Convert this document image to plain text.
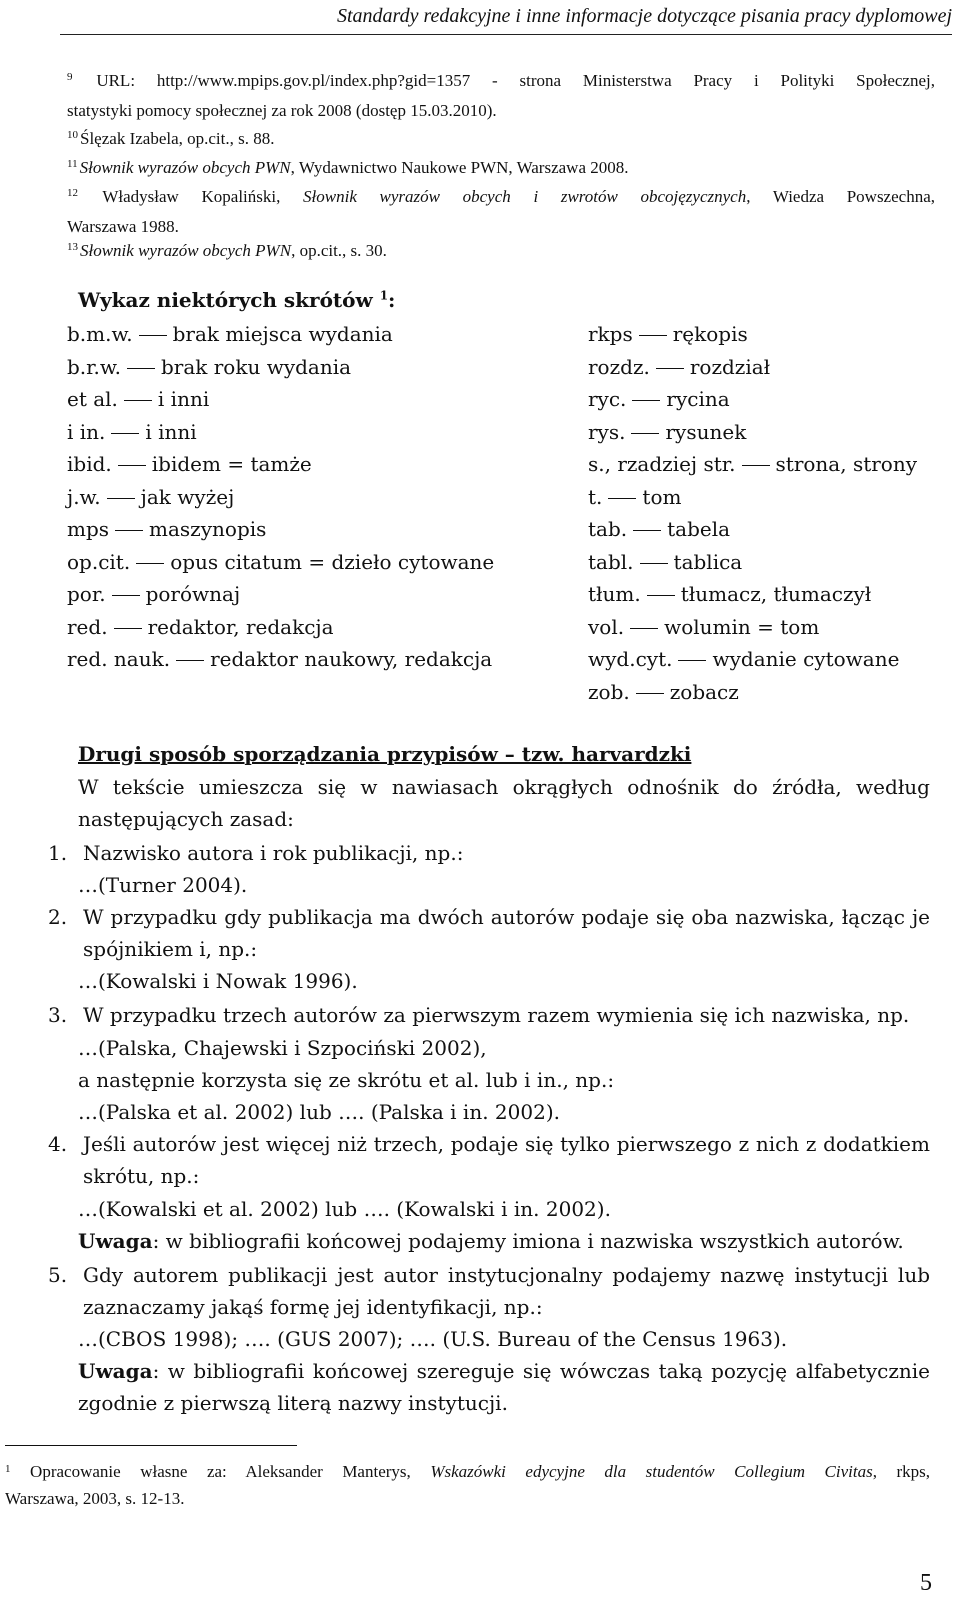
Standardy redakcyjne i inne informacje dotyczące pisania pracy dyplomowej
$^9$ URL: http://www.mpips.gov.pl/index.php?gid=1357 - strona Ministerstwa Pracy i Polityki Społecznej,
statystyki pomocy społecznej za rok 2008 (dostęp 15.03.2010).
$^{10}$ Ślęzak Izabela, op.cit., s. 88.
$^{11}$ Słownik wyrazów obcych PWN, Wydawnictwo Naukowe PWN, Warszawa 2008.
$^{12}$ Władysław Kopaliński, Słownik wyrazów obcych i zwrotów obcojęzycznych, Wiedza Powszechna,
Warszawa 1988.
$^{13}$ Słownik wyrazów obcych PWN, op.cit., s. 30.
Wykaz niektórych skrótów $^1$:
b.m.w. brak miejsca wydania
b.r.w. brak roku wydania
et al. i inni
i in. i inni
ibid. ibidem = tamże
j.w. jak wyżej
mps maszynopis
op.cit. opus citatum = dzieło cytowane
por. porównaj
red. redaktor, redakcja
red. nauk. redaktor naukowy, redakcja
rkps rękopis
rozdz. rozdział
ryc. rycina
rys. rysunek
s., rzadziej str. strona, strony
t. tom
tab. tabela
tabl. tablica
tłum. tłumacz, tłumaczył
vol. wolumin = tom
wyd.cyt. wydanie cytowane
zob. zobacz
Drugi sposób sporządzania przypisów – tzw. harvardzki
W tekście umieszcza się w nawiasach okrągłych odnośnik do źródła, według
następujących zasad:
1. Nazwisko autora i rok publikacji, np.:
…(Turner 2004).
2. W przypadku gdy publikacja ma dwóch autorów podaje się oba nazwiska, łącząc je
spójnikiem i, np.:
…(Kowalski i Nowak 1996).
3. W przypadku trzech autorów za pierwszym razem wymienia się ich nazwiska, np.
…(Palska, Chajewski i Szpociński 2002),
a następnie korzysta się ze skrótu et al. lub i in., np.:
…(Palska et al. 2002) lub …. (Palska i in. 2002).
4. Jeśli autorów jest więcej niż trzech, podaje się tylko pierwszego z nich z dodatkiem
skrótu, np.:
…(Kowalski et al. 2002) lub …. (Kowalski i in. 2002).
Uwaga: w bibliografii końcowej podajemy imiona i nazwiska wszystkich autorów.
5. Gdy autorem publikacji jest autor instytucjonalny podajemy nazwę instytucji lub
zaznaczamy jakąś formę jej identyfikacji, np.:
…(CBOS 1998); …. (GUS 2007); …. (U.S. Bureau of the Census 1963).
Uwaga: w bibliografii końcowej szereguje się wówczas taką pozycję alfabetycznie
zgodnie z pierwszą literą nazwy instytucji.
$^1$ Opracowanie własne za: Aleksander Manterys, Wskazówki edycyjne dla studentów Collegium Civitas, rkps,
Warszawa, 2003, s. 12-13.
5
